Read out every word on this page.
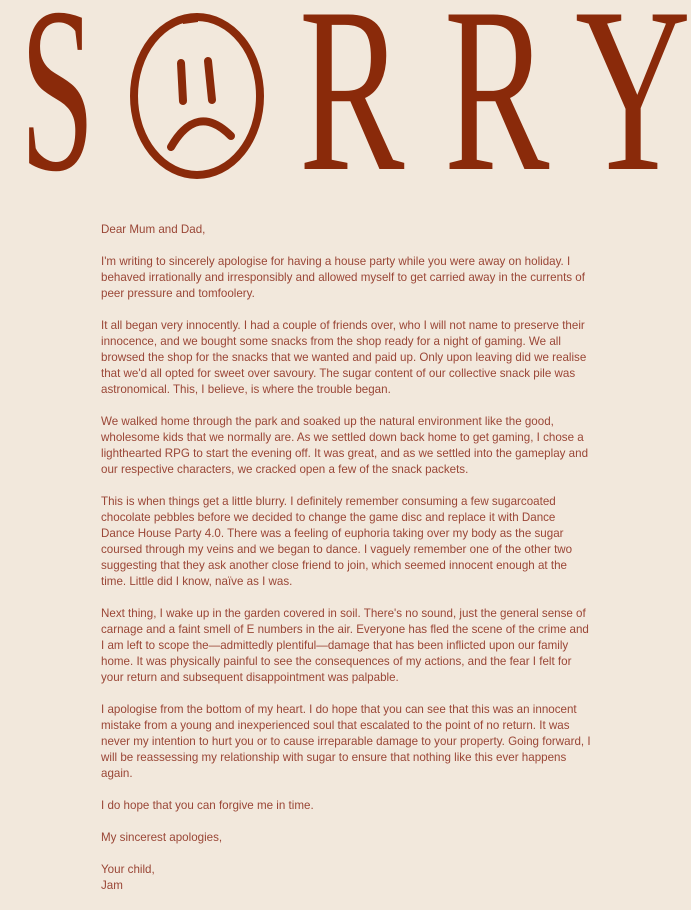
S R R Y

Dear Mum and Dad,

I'm writing to sincerely apologise for having a house party while you were away on holiday. I
behaved irrationally and irresponsibly and allowed myself to get carried away in the currents of
peer pressure and tomfoolery.

It all began very innocently. I had a couple of friends over, who I will not name to preserve their
innocence, and we bought some snacks from the shop ready for a night of gaming. We all
browsed the shop for the snacks that we wanted and paid up. Only upon leaving did we realise
that we'd all opted for sweet over savoury. The sugar content of our collective snack pile was
astronomical. This, I believe, is where the trouble began.

We walked home through the park and soaked up the natural environment like the good,
wholesome kids that we normally are. As we settled down back home to get gaming, I chose a
lighthearted RPG to start the evening off. It was great, and as we settled into the gameplay and
our respective characters, we cracked open a few of the snack packets.

This is when things get a little blurry. I definitely remember consuming a few sugarcoated
chocolate pebbles before we decided to change the game disc and replace it with Dance
Dance House Party 4.0. There was a feeling of euphoria taking over my body as the sugar
coursed through my veins and we began to dance. I vaguely remember one of the other two
suggesting that they ask another close friend to join, which seemed innocent enough at the
time. Little did I know, naïve as I was.

Next thing, I wake up in the garden covered in soil. There's no sound, just the general sense of
carnage and a faint smell of E numbers in the air. Everyone has fled the scene of the crime and
I am left to scope the—admittedly plentiful—damage that has been inflicted upon our family
home. It was physically painful to see the consequences of my actions, and the fear I felt for
your return and subsequent disappointment was palpable.

I apologise from the bottom of my heart. I do hope that you can see that this was an innocent
mistake from a young and inexperienced soul that escalated to the point of no return. It was
never my intention to hurt you or to cause irreparable damage to your property. Going forward, I
will be reassessing my relationship with sugar to ensure that nothing like this ever happens
again.

I do hope that you can forgive me in time.

My sincerest apologies,

Your child,
Jam
